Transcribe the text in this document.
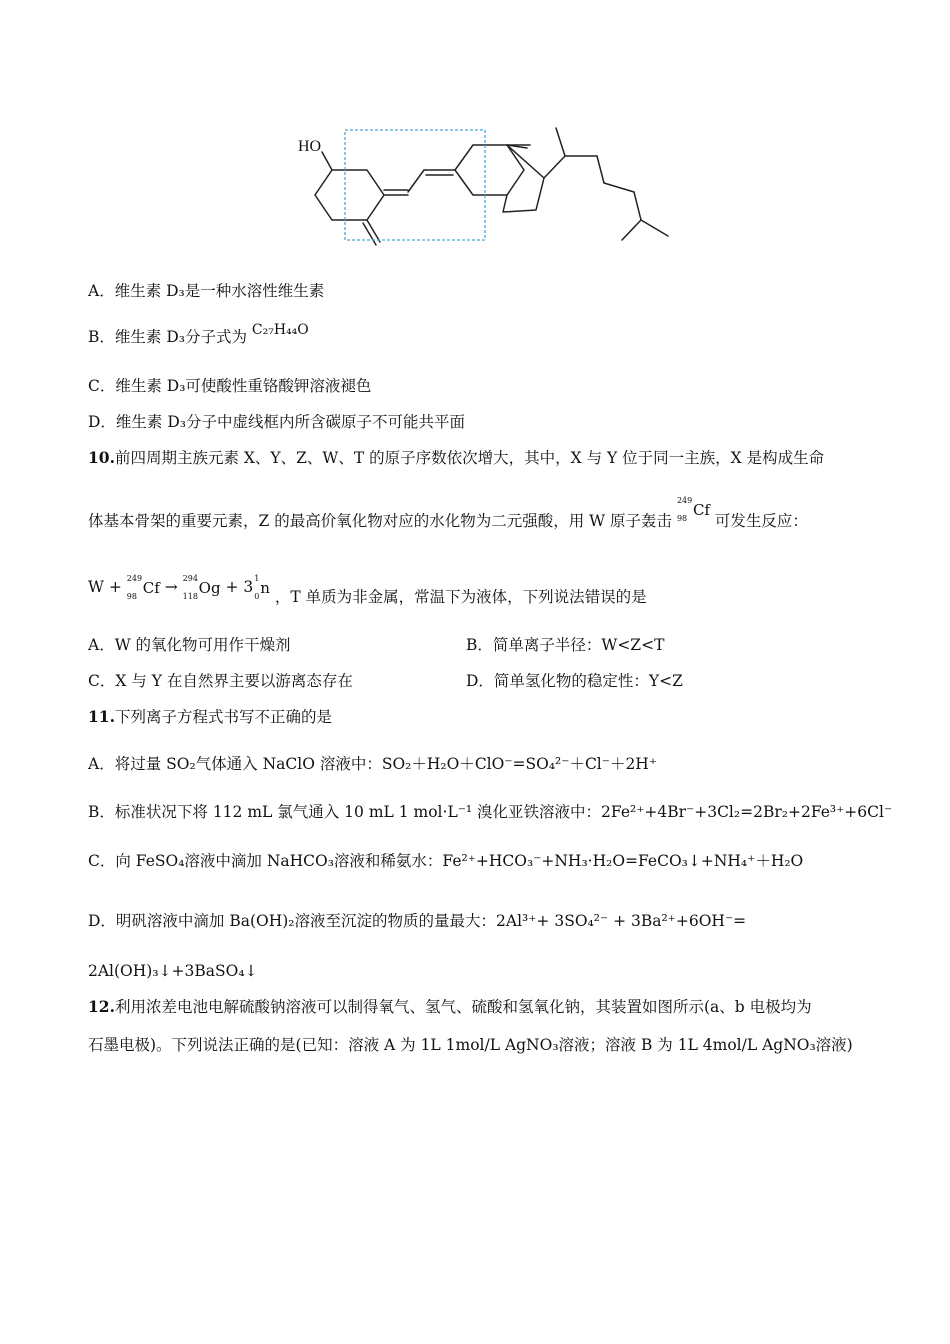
HO
A．维生素 D₃是一种水溶性维生素
B．维生素 D₃分子式为 C₂₇H₄₄O
C．维生素 D₃可使酸性重铬酸钾溶液褪色
D．维生素 D₃分子中虚线框内所含碳原子不可能共平面
10.前四周期主族元素 X、Y、Z、W、T 的原子序数依次增大，其中，X 与 Y 位于同一主族，X 是构成生命
体基本骨架的重要元素，Z 的最高价氧化物对应的水化物为二元强酸，用 W 原子轰击
249
98 Cf 可发生反应：
W + 249
98 Cf → 294
118 Og + 3 1
0 n ，T 单质为非金属，常温下为液体，下列说法错误的是
A．W 的氧化物可用作干燥剂	B．简单离子半径：W<Z<T
C．X 与 Y 在自然界主要以游离态存在	D．简单氢化物的稳定性：Y<Z
11.下列离子方程式书写不正确的是
A．将过量 SO₂气体通入 NaClO 溶液中：SO₂＋H₂O＋ClO⁻=SO₄²⁻＋Cl⁻＋2H⁺
B．标准状况下将 112 mL 氯气通入 10 mL 1 mol·L⁻¹ 溴化亚铁溶液中：2Fe²⁺+4Br⁻+3Cl₂=2Br₂+2Fe³⁺+6Cl⁻
C．向 FeSO₄溶液中滴加 NaHCO₃溶液和稀氨水：Fe²⁺+HCO₃⁻+NH₃·H₂O=FeCO₃↓+NH₄⁺＋H₂O
D．明矾溶液中滴加 Ba(OH)₂溶液至沉淀的物质的量最大：2Al³⁺+ 3SO₄²⁻ + 3Ba²⁺+6OH⁻=
2Al(OH)₃↓+3BaSO₄↓
12.利用浓差电池电解硫酸钠溶液可以制得氧气、氢气、硫酸和氢氧化钠，其装置如图所示(a、b 电极均为
石墨电极)。下列说法正确的是(已知：溶液 A 为 1L 1mol/L AgNO₃溶液；溶液 B 为 1L 4mol/L AgNO₃溶液)
